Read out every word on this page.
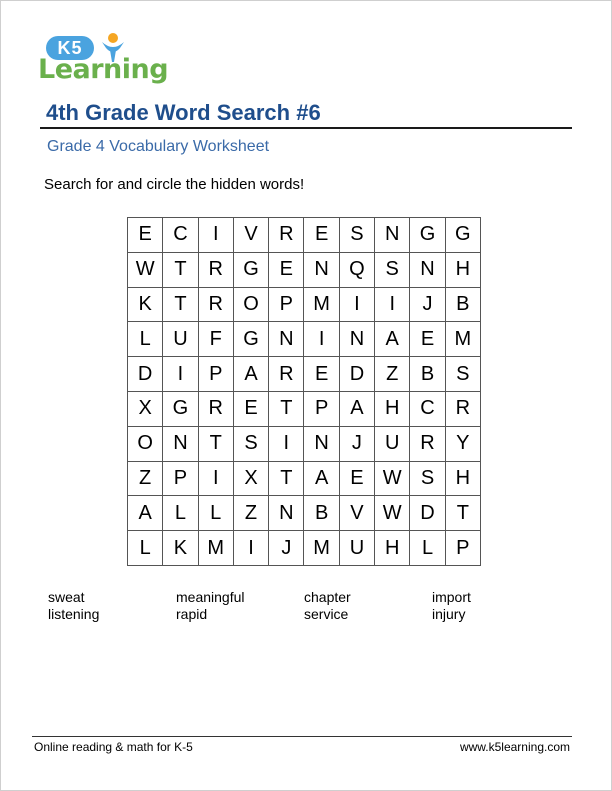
K5
Learning
4th Grade Word Search #6
Grade 4 Vocabulary Worksheet
Search for and circle the hidden words!
E	C	I	V	R	E	S	N	G	G
W	T	R	G	E	N	Q	S	N	H
K	T	R	O	P	M	I	I	J	B
L	U	F	G	N	I	N	A	E	M
D	I	P	A	R	E	D	Z	B	S
X	G	R	E	T	P	A	H	C	R
O	N	T	S	I	N	J	U	R	Y
Z	P	I	X	T	A	E	W	S	H
A	L	L	Z	N	B	V	W	D	T
L	K	M	I	J	M	U	H	L	P
sweat	meaningful	chapter	import
listening	rapid	service	injury
Online reading & math for K-5	www.k5learning.com
